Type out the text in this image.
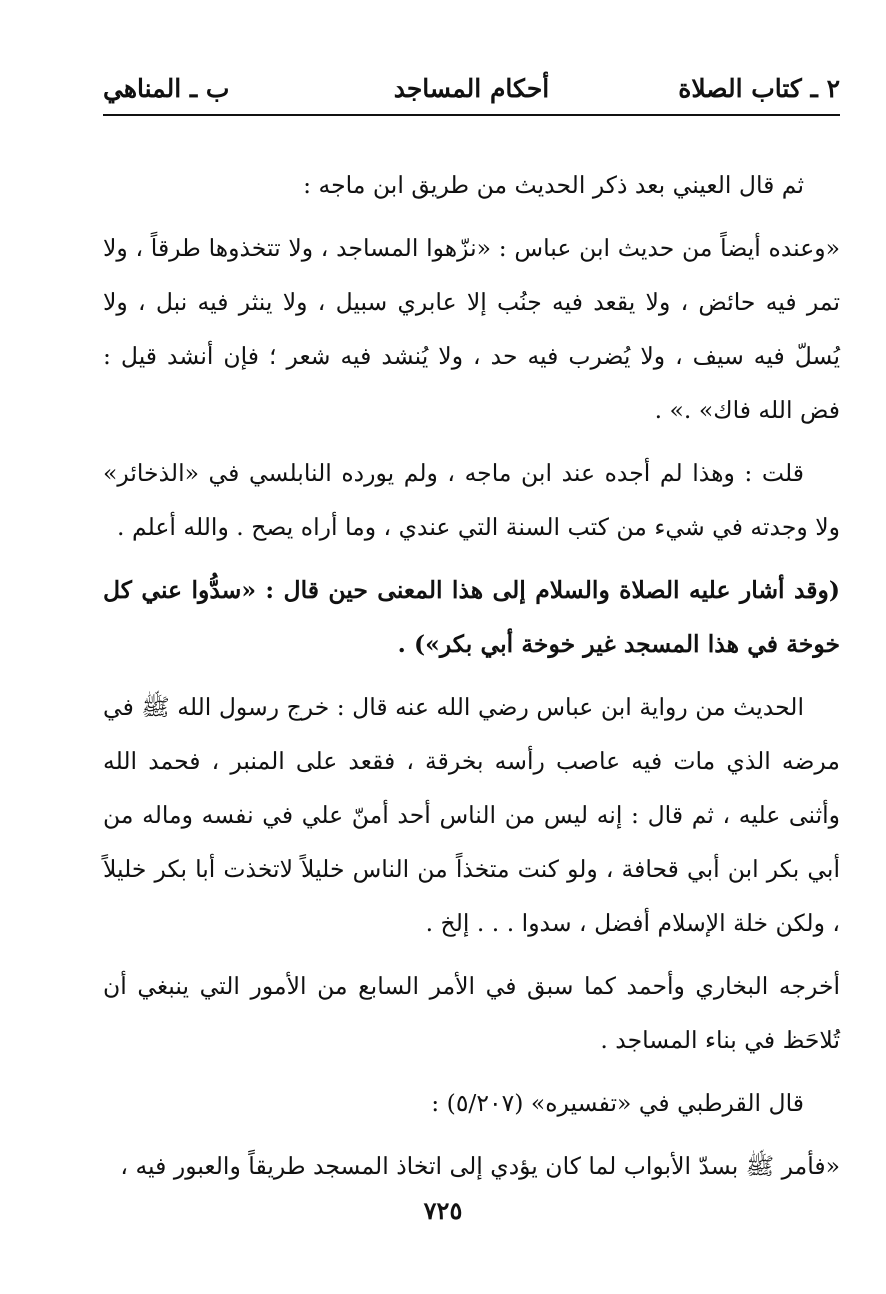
٢ ـ كتاب الصلاة
أحكام المساجد
ب ـ المناهي

ثم قال العيني بعد ذكر الحديث من طريق ابن ماجه :

«وعنده أيضاً من حديث ابن عباس : «نزّهوا المساجد ، ولا تتخذوها طرقاً ، ولا تمر فيه حائض ، ولا يقعد فيه جنُب إلا عابري سبيل ، ولا ينثر فيه نبل ، ولا يُسلّ فيه سيف ، ولا يُضرب فيه حد ، ولا يُنشد فيه شعر ؛ فإن أنشد قيل : فض الله فاك» .» .

قلت : وهذا لم أجده عند ابن ماجه ، ولم يورده النابلسي في «الذخائر» ولا وجدته في شيء من كتب السنة التي عندي ، وما أراه يصح . والله أعلم .

(وقد أشار عليه الصلاة والسلام إلى هذا المعنى حين قال : «سدُّوا عني كل خوخة في هذا المسجد غير خوخة أبي بكر») .

الحديث من رواية ابن عباس رضي الله عنه قال : خرج رسول الله ﷺ في مرضه الذي مات فيه عاصب رأسه بخرقة ، فقعد على المنبر ، فحمد الله وأثنى عليه ، ثم قال : إنه ليس من الناس أحد أمنّ علي في نفسه وماله من أبي بكر ابن أبي قحافة ، ولو كنت متخذاً من الناس خليلاً لاتخذت أبا بكر خليلاً ، ولكن خلة الإسلام أفضل ، سدوا . . . إلخ .

أخرجه البخاري وأحمد كما سبق في الأمر السابع من الأمور التي ينبغي أن تُلاحَظ في بناء المساجد .

قال القرطبي في «تفسيره» (٥/٢٠٧) :

«فأمر ﷺ بسدّ الأبواب لما كان يؤدي إلى اتخاذ المسجد طريقاً والعبور فيه ،

٧٢٥
